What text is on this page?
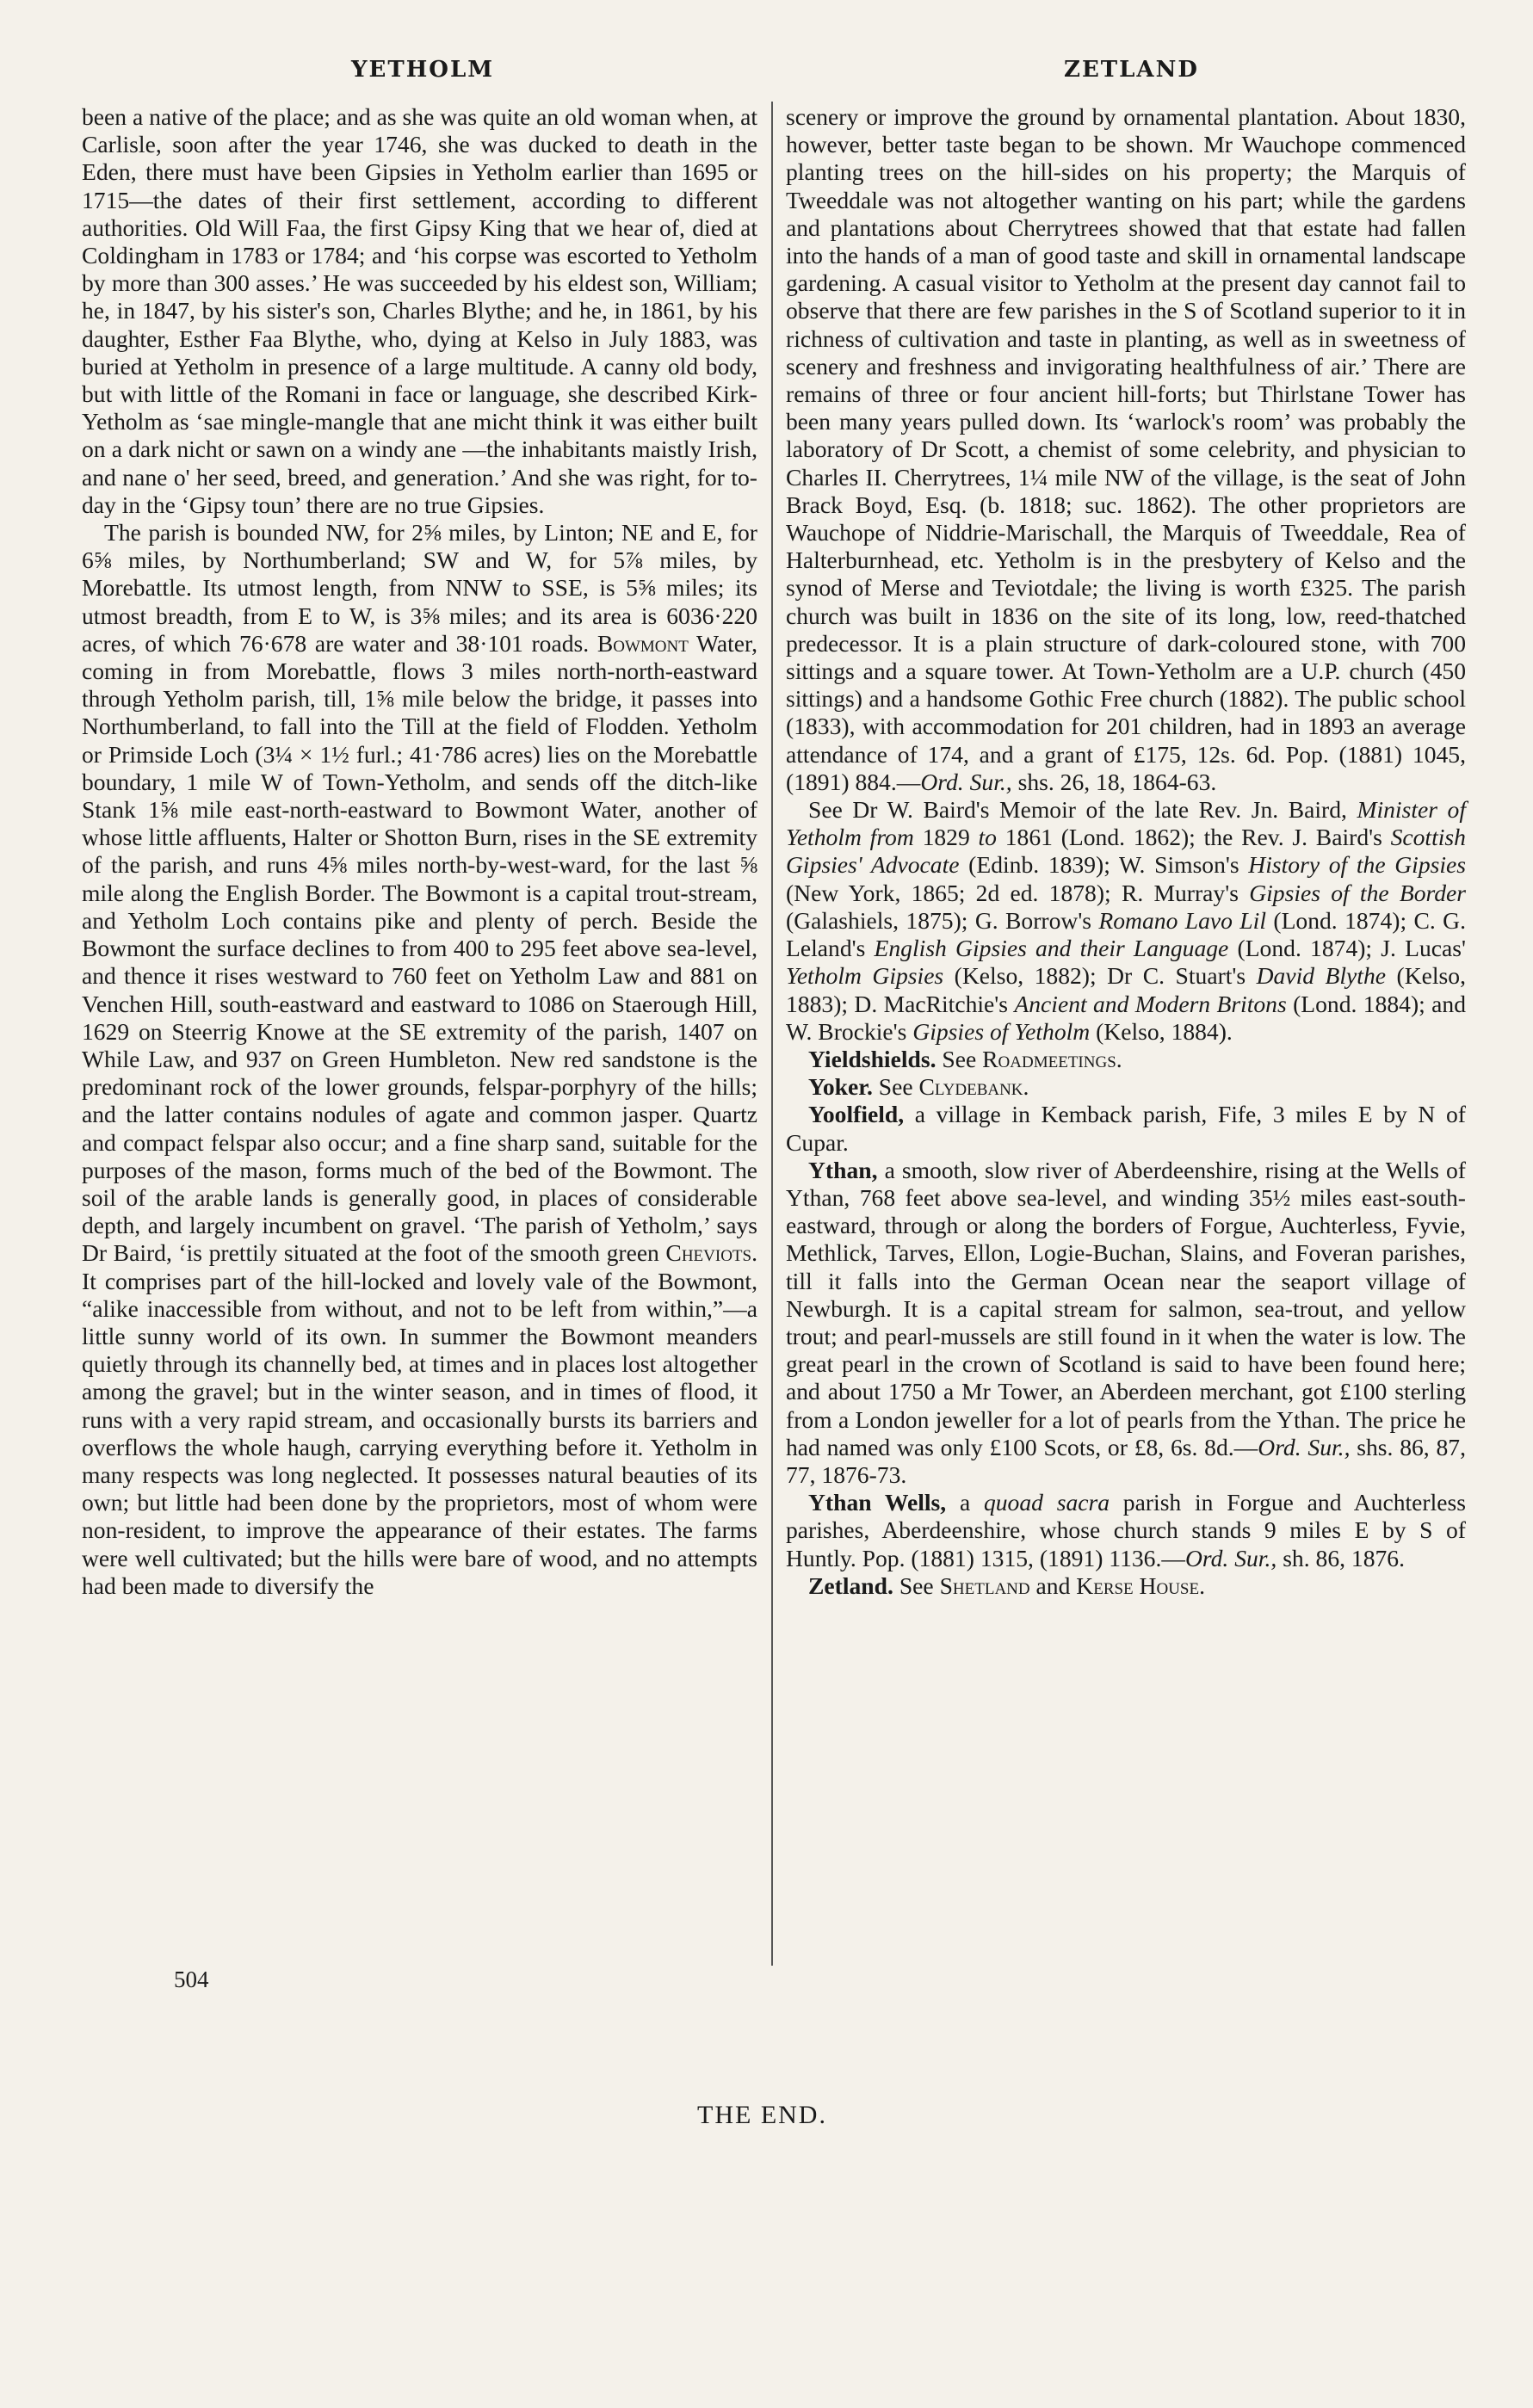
YETHOLM	ZETLAND

been a native of the place; and as she was quite an old woman when, at Carlisle, soon after the year 1746, she was ducked to death in the Eden, there must have been Gipsies in Yetholm earlier than 1695 or 1715—the dates of their first settlement, according to different authorities. Old Will Faa, the first Gipsy King that we hear of, died at Coldingham in 1783 or 1784; and ‘his corpse was escorted to Yetholm by more than 300 asses.’ He was succeeded by his eldest son, William; he, in 1847, by his sister's son, Charles Blythe; and he, in 1861, by his daughter, Esther Faa Blythe, who, dying at Kelso in July 1883, was buried at Yetholm in presence of a large multitude. A canny old body, but with little of the Romani in face or language, she described Kirk-Yetholm as ‘sae mingle-mangle that ane micht think it was either built on a dark nicht or sawn on a windy ane —the inhabitants maistly Irish, and nane o' her seed, breed, and generation.’ And she was right, for to-day in the ‘Gipsy toun’ there are no true Gipsies.

The parish is bounded NW, for 2⅝ miles, by Linton; NE and E, for 6⅝ miles, by Northumberland; SW and W, for 5⅞ miles, by Morebattle. Its utmost length, from NNW to SSE, is 5⅝ miles; its utmost breadth, from E to W, is 3⅝ miles; and its area is 6036·220 acres, of which 76·678 are water and 38·101 roads. Bowmont Water, coming in from Morebattle, flows 3 miles north-north-eastward through Yetholm parish, till, 1⅝ mile below the bridge, it passes into Northumberland, to fall into the Till at the field of Flodden. Yetholm or Primside Loch (3¼ × 1½ furl.; 41·786 acres) lies on the Morebattle boundary, 1 mile W of Town-Yetholm, and sends off the ditch-like Stank 1⅝ mile east-north-eastward to Bowmont Water, another of whose little affluents, Halter or Shotton Burn, rises in the SE extremity of the parish, and runs 4⅝ miles north-by-west-ward, for the last ⅝ mile along the English Border. The Bowmont is a capital trout-stream, and Yetholm Loch contains pike and plenty of perch. Beside the Bowmont the surface declines to from 400 to 295 feet above sea-level, and thence it rises westward to 760 feet on Yetholm Law and 881 on Venchen Hill, south-eastward and eastward to 1086 on Staerough Hill, 1629 on Steerrig Knowe at the SE extremity of the parish, 1407 on While Law, and 937 on Green Humbleton. New red sandstone is the predominant rock of the lower grounds, felspar-porphyry of the hills; and the latter contains nodules of agate and common jasper. Quartz and compact felspar also occur; and a fine sharp sand, suitable for the purposes of the mason, forms much of the bed of the Bowmont. The soil of the arable lands is generally good, in places of considerable depth, and largely incumbent on gravel. ‘The parish of Yetholm,’ says Dr Baird, ‘is prettily situated at the foot of the smooth green Cheviots. It comprises part of the hill-locked and lovely vale of the Bowmont, “alike inaccessible from without, and not to be left from within,”—a little sunny world of its own. In summer the Bowmont meanders quietly through its channelly bed, at times and in places lost altogether among the gravel; but in the winter season, and in times of flood, it runs with a very rapid stream, and occasionally bursts its barriers and overflows the whole haugh, carrying everything before it. Yetholm in many respects was long neglected. It possesses natural beauties of its own; but little had been done by the proprietors, most of whom were non-resident, to improve the appearance of their estates. The farms were well cultivated; but the hills were bare of wood, and no attempts had been made to diversify the

scenery or improve the ground by ornamental plantation. About 1830, however, better taste began to be shown. Mr Wauchope commenced planting trees on the hill-sides on his property; the Marquis of Tweeddale was not altogether wanting on his part; while the gardens and plantations about Cherrytrees showed that that estate had fallen into the hands of a man of good taste and skill in ornamental landscape gardening. A casual visitor to Yetholm at the present day cannot fail to observe that there are few parishes in the S of Scotland superior to it in richness of cultivation and taste in planting, as well as in sweetness of scenery and freshness and invigorating healthfulness of air.’ There are remains of three or four ancient hill-forts; but Thirlstane Tower has been many years pulled down. Its ‘warlock's room’ was probably the laboratory of Dr Scott, a chemist of some celebrity, and physician to Charles II. Cherrytrees, 1¼ mile NW of the village, is the seat of John Brack Boyd, Esq. (b. 1818; suc. 1862). The other proprietors are Wauchope of Niddrie-Marischall, the Marquis of Tweeddale, Rea of Halterburnhead, etc. Yetholm is in the presbytery of Kelso and the synod of Merse and Teviotdale; the living is worth £325. The parish church was built in 1836 on the site of its long, low, reed-thatched predecessor. It is a plain structure of dark-coloured stone, with 700 sittings and a square tower. At Town-Yetholm are a U.P. church (450 sittings) and a handsome Gothic Free church (1882). The public school (1833), with accommodation for 201 children, had in 1893 an average attendance of 174, and a grant of £175, 12s. 6d. Pop. (1881) 1045, (1891) 884.—Ord. Sur., shs. 26, 18, 1864-63.

See Dr W. Baird's Memoir of the late Rev. Jn. Baird, Minister of Yetholm from 1829 to 1861 (Lond. 1862); the Rev. J. Baird's Scottish Gipsies' Advocate (Edinb. 1839); W. Simson's History of the Gipsies (New York, 1865; 2d ed. 1878); R. Murray's Gipsies of the Border (Galashiels, 1875); G. Borrow's Romano Lavo Lil (Lond. 1874); C. G. Leland's English Gipsies and their Language (Lond. 1874); J. Lucas' Yetholm Gipsies (Kelso, 1882); Dr C. Stuart's David Blythe (Kelso, 1883); D. MacRitchie's Ancient and Modern Britons (Lond. 1884); and W. Brockie's Gipsies of Yetholm (Kelso, 1884).

Yieldshields. See Roadmeetings.

Yoker. See Clydebank.

Yoolfield, a village in Kemback parish, Fife, 3 miles E by N of Cupar.

Ythan, a smooth, slow river of Aberdeenshire, rising at the Wells of Ythan, 768 feet above sea-level, and winding 35½ miles east-south-eastward, through or along the borders of Forgue, Auchterless, Fyvie, Methlick, Tarves, Ellon, Logie-Buchan, Slains, and Foveran parishes, till it falls into the German Ocean near the seaport village of Newburgh. It is a capital stream for salmon, sea-trout, and yellow trout; and pearl-mussels are still found in it when the water is low. The great pearl in the crown of Scotland is said to have been found here; and about 1750 a Mr Tower, an Aberdeen merchant, got £100 sterling from a London jeweller for a lot of pearls from the Ythan. The price he had named was only £100 Scots, or £8, 6s. 8d.—Ord. Sur., shs. 86, 87, 77, 1876-73.

Ythan Wells, a quoad sacra parish in Forgue and Auchterless parishes, Aberdeenshire, whose church stands 9 miles E by S of Huntly. Pop. (1881) 1315, (1891) 1136.—Ord. Sur., sh. 86, 1876.

Zetland. See Shetland and Kerse House.

504
THE END.
